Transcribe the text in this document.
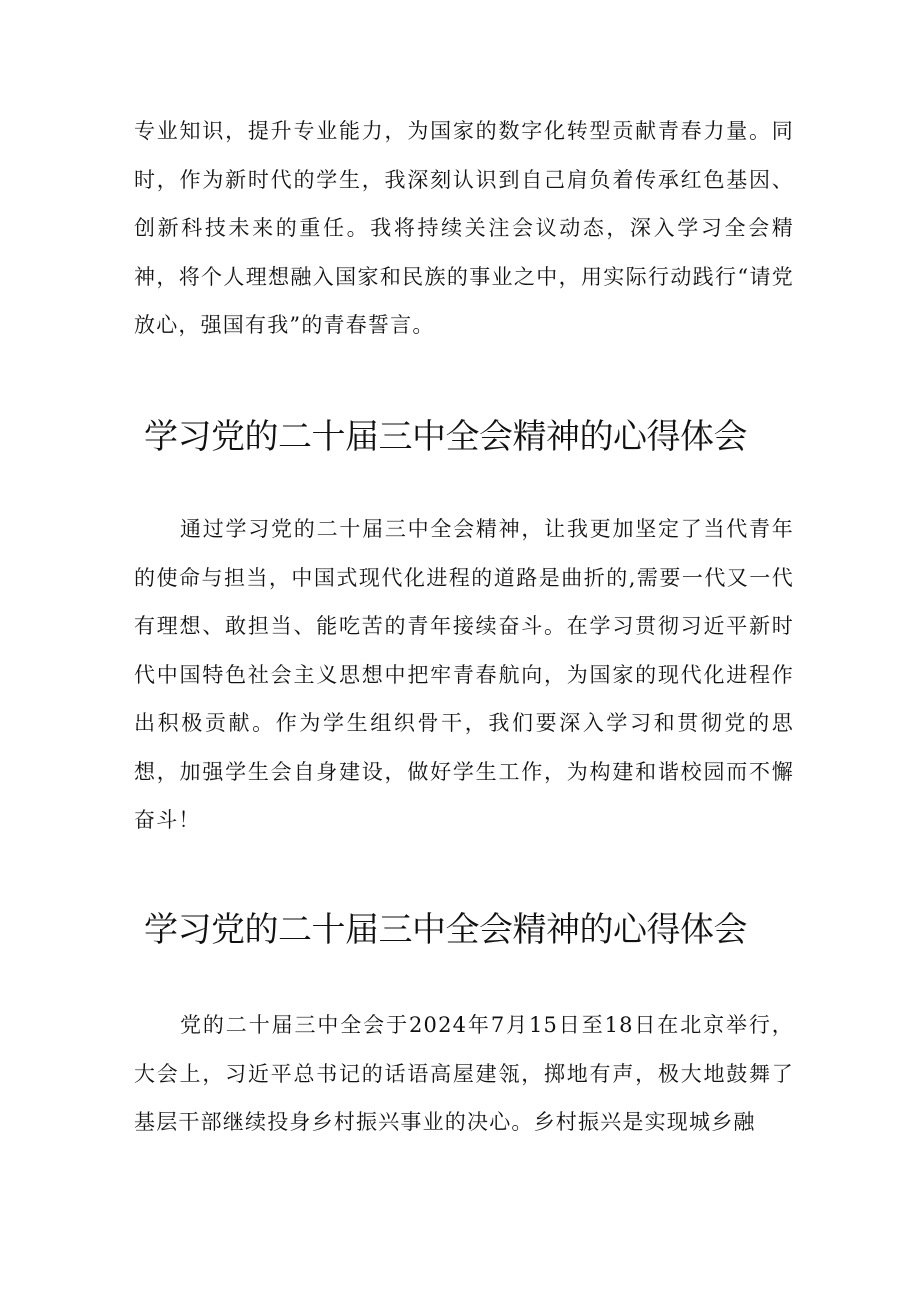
专业知识，提升专业能力，为国家的数字化转型贡献青春力量。同时，作为新时代的学生，我深刻认识到自己肩负着传承红色基因、创新科技未来的重任。我将持续关注会议动态，深入学习全会精神，将个人理想融入国家和民族的事业之中，用实际行动践行“请党放心，强国有我”的青春誓言。

学习党的二十届三中全会精神的心得体会

通过学习党的二十届三中全会精神，让我更加坚定了当代青年的使命与担当，中国式现代化进程的道路是曲折的,需要一代又一代有理想、敢担当、能吃苦的青年接续奋斗。在学习贯彻习近平新时代中国特色社会主义思想中把牢青春航向，为国家的现代化进程作出积极贡献。作为学生组织骨干，我们要深入学习和贯彻党的思想，加强学生会自身建设，做好学生工作，为构建和谐校园而不懈奋斗！

学习党的二十届三中全会精神的心得体会

党的二十届三中全会于2024年7月15日至18日在北京举行，大会上，习近平总书记的话语高屋建瓴，掷地有声，极大地鼓舞了基层干部继续投身乡村振兴事业的决心。乡村振兴是实现城乡融
